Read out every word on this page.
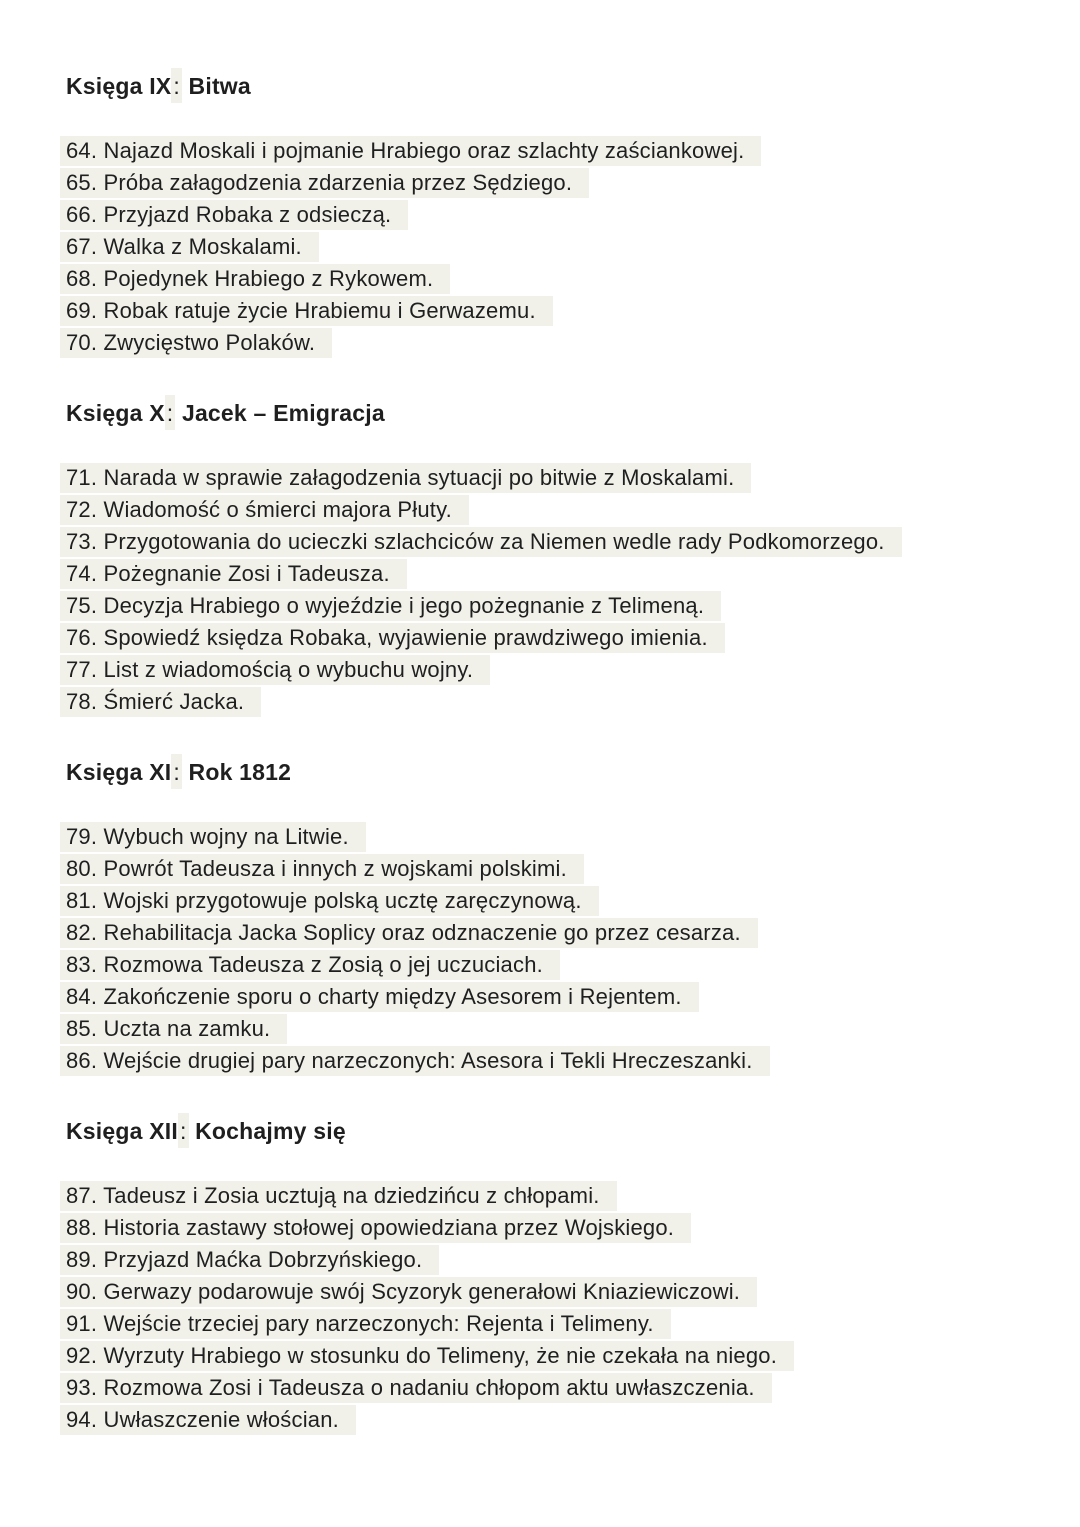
Księga IX: Bitwa
64. Najazd Moskali i pojmanie Hrabiego oraz szlachty zaściankowej.
65. Próba załagodzenia zdarzenia przez Sędziego.
66. Przyjazd Robaka z odsieczą.
67. Walka z Moskalami.
68. Pojedynek Hrabiego z Rykowem.
69. Robak ratuje życie Hrabiemu i Gerwazemu.
70. Zwycięstwo Polaków.
Księga X: Jacek – Emigracja
71. Narada w sprawie załagodzenia sytuacji po bitwie z Moskalami.
72. Wiadomość o śmierci majora Płuty.
73. Przygotowania do ucieczki szlachciców za Niemen wedle rady Podkomorzego.
74. Pożegnanie Zosi i Tadeusza.
75. Decyzja Hrabiego o wyjeździe i jego pożegnanie z Telimeną.
76. Spowiedź księdza Robaka, wyjawienie prawdziwego imienia.
77. List z wiadomością o wybuchu wojny.
78. Śmierć Jacka.
Księga XI: Rok 1812
79. Wybuch wojny na Litwie.
80. Powrót Tadeusza i innych z wojskami polskimi.
81. Wojski przygotowuje polską ucztę zaręczynową.
82. Rehabilitacja Jacka Soplicy oraz odznaczenie go przez cesarza.
83. Rozmowa Tadeusza z Zosią o jej uczuciach.
84. Zakończenie sporu o charty między Asesorem i Rejentem.
85. Uczta na zamku.
86. Wejście drugiej pary narzeczonych: Asesora i Tekli Hreczeszanki.
Księga XII: Kochajmy się
87. Tadeusz i Zosia ucztują na dziedzińcu z chłopami.
88. Historia zastawy stołowej opowiedziana przez Wojskiego.
89. Przyjazd Maćka Dobrzyńskiego.
90. Gerwazy podarowuje swój Scyzoryk generałowi Kniaziewiczowi.
91. Wejście trzeciej pary narzeczonych: Rejenta i Telimeny.
92. Wyrzuty Hrabiego w stosunku do Telimeny, że nie czekała na niego.
93. Rozmowa Zosi i Tadeusza o nadaniu chłopom aktu uwłaszczenia.
94. Uwłaszczenie włościan.
